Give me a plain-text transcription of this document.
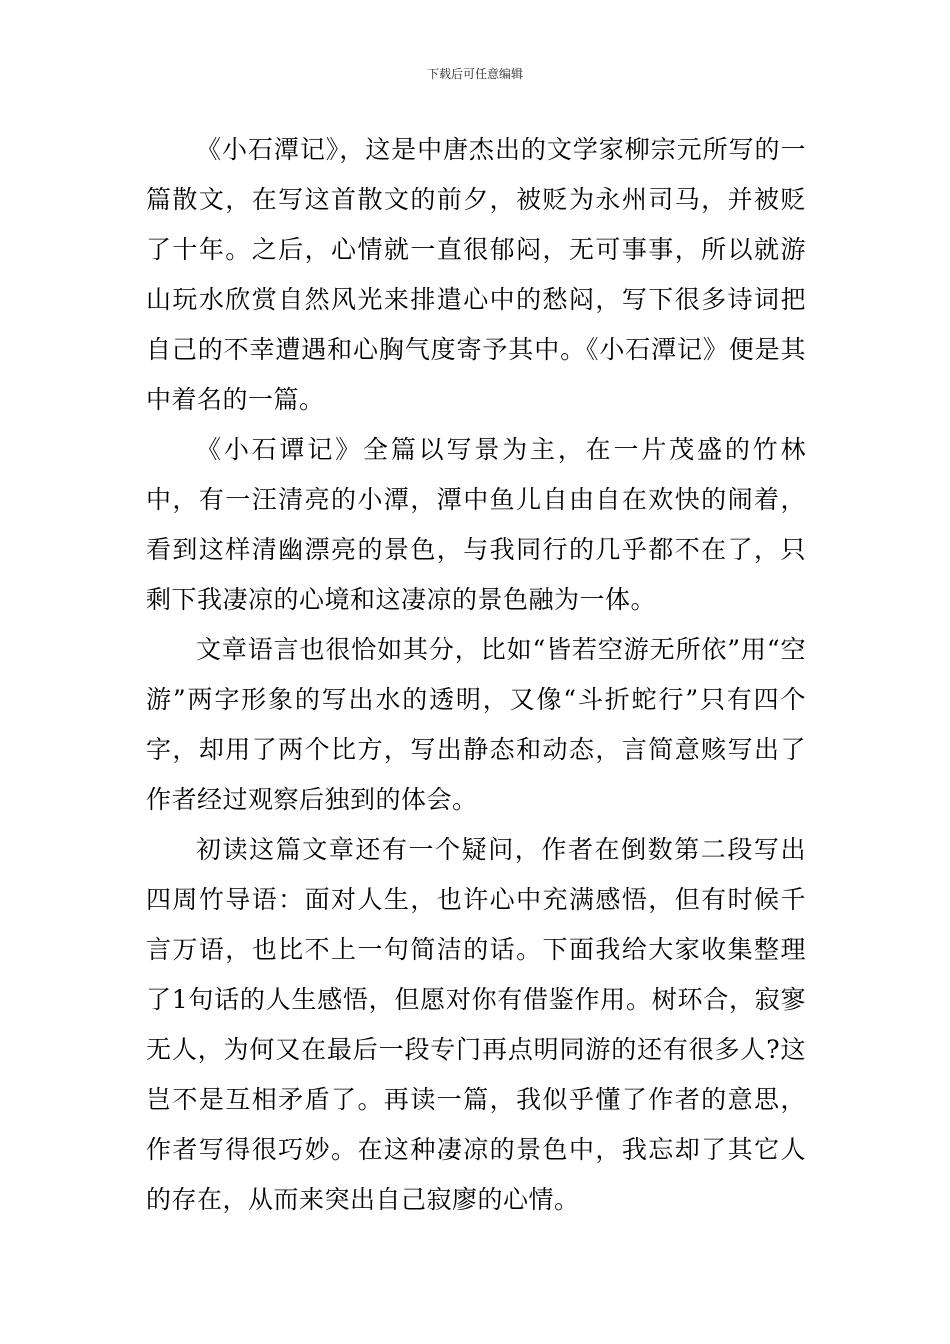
下载后可任意编辑

《小石潭记》，这是中唐杰出的文学家柳宗元所写的一篇散文，在写这首散文的前夕，被贬为永州司马，并被贬了十年。之后，心情就一直很郁闷，无可事事，所以就游山玩水欣赏自然风光来排遣心中的愁闷，写下很多诗词把自己的不幸遭遇和心胸气度寄予其中。《小石潭记》便是其中着名的一篇。

《小石谭记》全篇以写景为主，在一片茂盛的竹林中，有一汪清亮的小潭，潭中鱼儿自由自在欢快的闹着，看到这样清幽漂亮的景色，与我同行的几乎都不在了，只剩下我凄凉的心境和这凄凉的景色融为一体。

文章语言也很恰如其分，比如“皆若空游无所依”用“空游”两字形象的写出水的透明，又像“斗折蛇行”只有四个字，却用了两个比方，写出静态和动态，言简意赅写出了作者经过观察后独到的体会。

初读这篇文章还有一个疑问，作者在倒数第二段写出四周竹导语：面对人生，也许心中充满感悟，但有时候千言万语，也比不上一句简洁的话。下面我给大家收集整理了1句话的人生感悟，但愿对你有借鉴作用。树环合，寂寥无人，为何又在最后一段专门再点明同游的还有很多人?这岂不是互相矛盾了。再读一篇，我似乎懂了作者的意思，作者写得很巧妙。在这种凄凉的景色中，我忘却了其它人的存在，从而来突出自己寂廖的心情。
